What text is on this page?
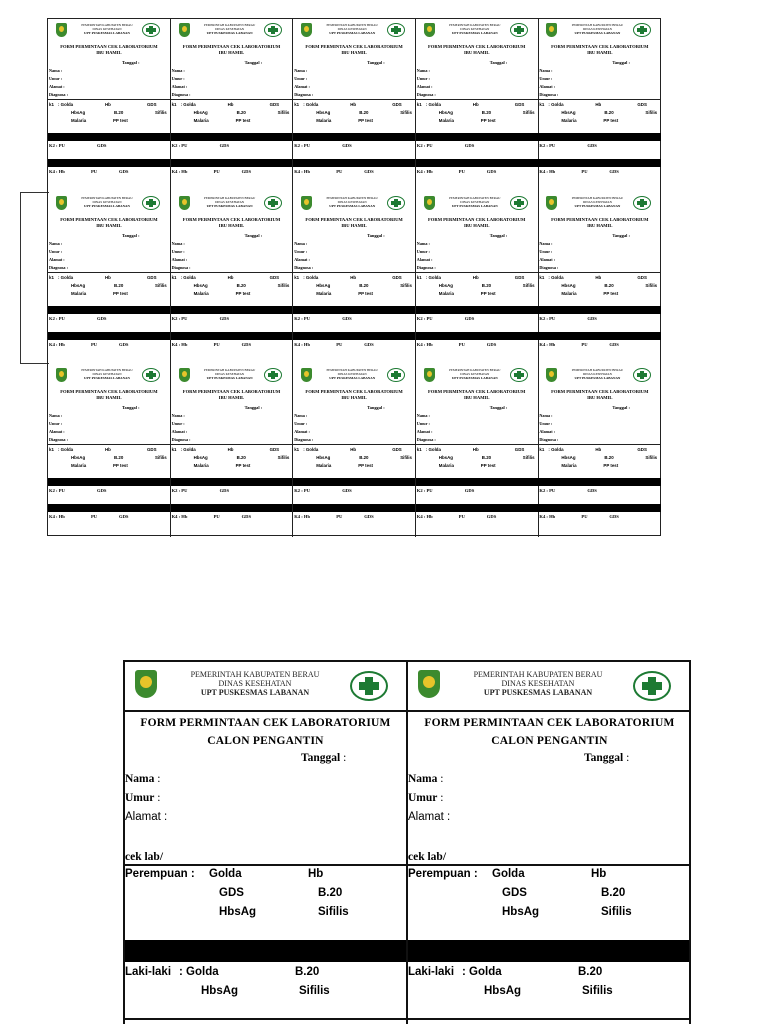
PEMERINTAH KABUPATEN BERAU
DINAS KESEHATAN
UPT PUSKESMAS LABANAN
FORM PERMINTAAN CEK LABORATORIUM
IBU HAMIL
Tanggal :
Nama :
Umur :
Alamat :
Diagnosa :
k1 : Golda	Hb	GDS
HbsAg	B.20	Sifilis
Malaria	PP test
K2 : PU	GDS
K4 : Hb	PU	GDS
PEMERINTAH KABUPATEN BERAU
DINAS KESEHATAN
UPT PUSKESMAS LABANAN
FORM PERMINTAAN CEK LABORATORIUM
IBU HAMIL
Tanggal :
Nama :
Umur :
Alamat :
Diagnosa :
k1 : Golda	Hb	GDS
HbsAg	B.20	Sifilis
Malaria	PP test
K2 : PU	GDS
K4 : Hb	PU	GDS
PEMERINTAH KABUPATEN BERAU
DINAS KESEHATAN
UPT PUSKESMAS LABANAN
FORM PERMINTAAN CEK LABORATORIUM
IBU HAMIL
Tanggal :
Nama :
Umur :
Alamat :
Diagnosa :
k1 : Golda	Hb	GDS
HbsAg	B.20	Sifilis
Malaria	PP test
K2 : PU	GDS
K4 : Hb	PU	GDS
PEMERINTAH KABUPATEN BERAU
DINAS KESEHATAN
UPT PUSKESMAS LABANAN
FORM PERMINTAAN CEK LABORATORIUM
IBU HAMIL
Tanggal :
Nama :
Umur :
Alamat :
Diagnosa :
k1 : Golda	Hb	GDS
HbsAg	B.20	Sifilis
Malaria	PP test
K2 : PU	GDS
K4 : Hb	PU	GDS
PEMERINTAH KABUPATEN BERAU
DINAS KESEHATAN
UPT PUSKESMAS LABANAN
FORM PERMINTAAN CEK LABORATORIUM
IBU HAMIL
Tanggal :
Nama :
Umur :
Alamat :
Diagnosa :
k1 : Golda	Hb	GDS
HbsAg	B.20	Sifilis
Malaria	PP test
K2 : PU	GDS
K4 : Hb	PU	GDS
PEMERINTAH KABUPATEN BERAU
DINAS KESEHATAN
UPT PUSKESMAS LABANAN
FORM PERMINTAAN CEK LABORATORIUM
IBU HAMIL
Tanggal :
Nama :
Umur :
Alamat :
Diagnosa :
k1 : Golda	Hb	GDS
HbsAg	B.20	Sifilis
Malaria	PP test
K2 : PU	GDS
K4 : Hb	PU	GDS
PEMERINTAH KABUPATEN BERAU
DINAS KESEHATAN
UPT PUSKESMAS LABANAN
FORM PERMINTAAN CEK LABORATORIUM
IBU HAMIL
Tanggal :
Nama :
Umur :
Alamat :
Diagnosa :
k1 : Golda	Hb	GDS
HbsAg	B.20	Sifilis
Malaria	PP test
K2 : PU	GDS
K4 : Hb	PU	GDS
PEMERINTAH KABUPATEN BERAU
DINAS KESEHATAN
UPT PUSKESMAS LABANAN
FORM PERMINTAAN CEK LABORATORIUM
IBU HAMIL
Tanggal :
Nama :
Umur :
Alamat :
Diagnosa :
k1 : Golda	Hb	GDS
HbsAg	B.20	Sifilis
Malaria	PP test
K2 : PU	GDS
K4 : Hb	PU	GDS
PEMERINTAH KABUPATEN BERAU
DINAS KESEHATAN
UPT PUSKESMAS LABANAN
FORM PERMINTAAN CEK LABORATORIUM
IBU HAMIL
Tanggal :
Nama :
Umur :
Alamat :
Diagnosa :
k1 : Golda	Hb	GDS
HbsAg	B.20	Sifilis
Malaria	PP test
K2 : PU	GDS
K4 : Hb	PU	GDS
PEMERINTAH KABUPATEN BERAU
DINAS KESEHATAN
UPT PUSKESMAS LABANAN
FORM PERMINTAAN CEK LABORATORIUM
IBU HAMIL
Tanggal :
Nama :
Umur :
Alamat :
Diagnosa :
k1 : Golda	Hb	GDS
HbsAg	B.20	Sifilis
Malaria	PP test
K2 : PU	GDS
K4 : Hb	PU	GDS
PEMERINTAH KABUPATEN BERAU
DINAS KESEHATAN
UPT PUSKESMAS LABANAN
FORM PERMINTAAN CEK LABORATORIUM
IBU HAMIL
Tanggal :
Nama :
Umur :
Alamat :
Diagnosa :
k1 : Golda	Hb	GDS
HbsAg	B.20	Sifilis
Malaria	PP test
K2 : PU	GDS
K4 : Hb	PU	GDS
PEMERINTAH KABUPATEN BERAU
DINAS KESEHATAN
UPT PUSKESMAS LABANAN
FORM PERMINTAAN CEK LABORATORIUM
IBU HAMIL
Tanggal :
Nama :
Umur :
Alamat :
Diagnosa :
k1 : Golda	Hb	GDS
HbsAg	B.20	Sifilis
Malaria	PP test
K2 : PU	GDS
K4 : Hb	PU	GDS
PEMERINTAH KABUPATEN BERAU
DINAS KESEHATAN
UPT PUSKESMAS LABANAN
FORM PERMINTAAN CEK LABORATORIUM
IBU HAMIL
Tanggal :
Nama :
Umur :
Alamat :
Diagnosa :
k1 : Golda	Hb	GDS
HbsAg	B.20	Sifilis
Malaria	PP test
K2 : PU	GDS
K4 : Hb	PU	GDS
PEMERINTAH KABUPATEN BERAU
DINAS KESEHATAN
UPT PUSKESMAS LABANAN
FORM PERMINTAAN CEK LABORATORIUM
IBU HAMIL
Tanggal :
Nama :
Umur :
Alamat :
Diagnosa :
k1 : Golda	Hb	GDS
HbsAg	B.20	Sifilis
Malaria	PP test
K2 : PU	GDS
K4 : Hb	PU	GDS
PEMERINTAH KABUPATEN BERAU
DINAS KESEHATAN
UPT PUSKESMAS LABANAN
FORM PERMINTAAN CEK LABORATORIUM
IBU HAMIL
Tanggal :
Nama :
Umur :
Alamat :
Diagnosa :
k1 : Golda	Hb	GDS
HbsAg	B.20	Sifilis
Malaria	PP test
K2 : PU	GDS
K4 : Hb	PU	GDS
PEMERINTAH KABUPATEN BERAU
DINAS KESEHATAN
UPT PUSKESMAS LABANAN
FORM PERMINTAAN CEK LABORATORIUM
CALON PENGANTIN
Tanggal :
Nama :
Umur :
Alamat :
cek lab/
Perempuan : Golda	Hb
GDS	B.20
HbsAg	Sifilis
Laki-laki : Golda	B.20
HbsAg	Sifilis
PEMERINTAH KABUPATEN BERAU
DINAS KESEHATAN
UPT PUSKESMAS LABANAN
FORM PERMINTAAN CEK LABORATORIUM
CALON PENGANTIN
Tanggal :
Nama :
Umur :
Alamat :
cek lab/
Perempuan : Golda	Hb
GDS	B.20
HbsAg	Sifilis
Laki-laki : Golda	B.20
HbsAg	Sifilis
